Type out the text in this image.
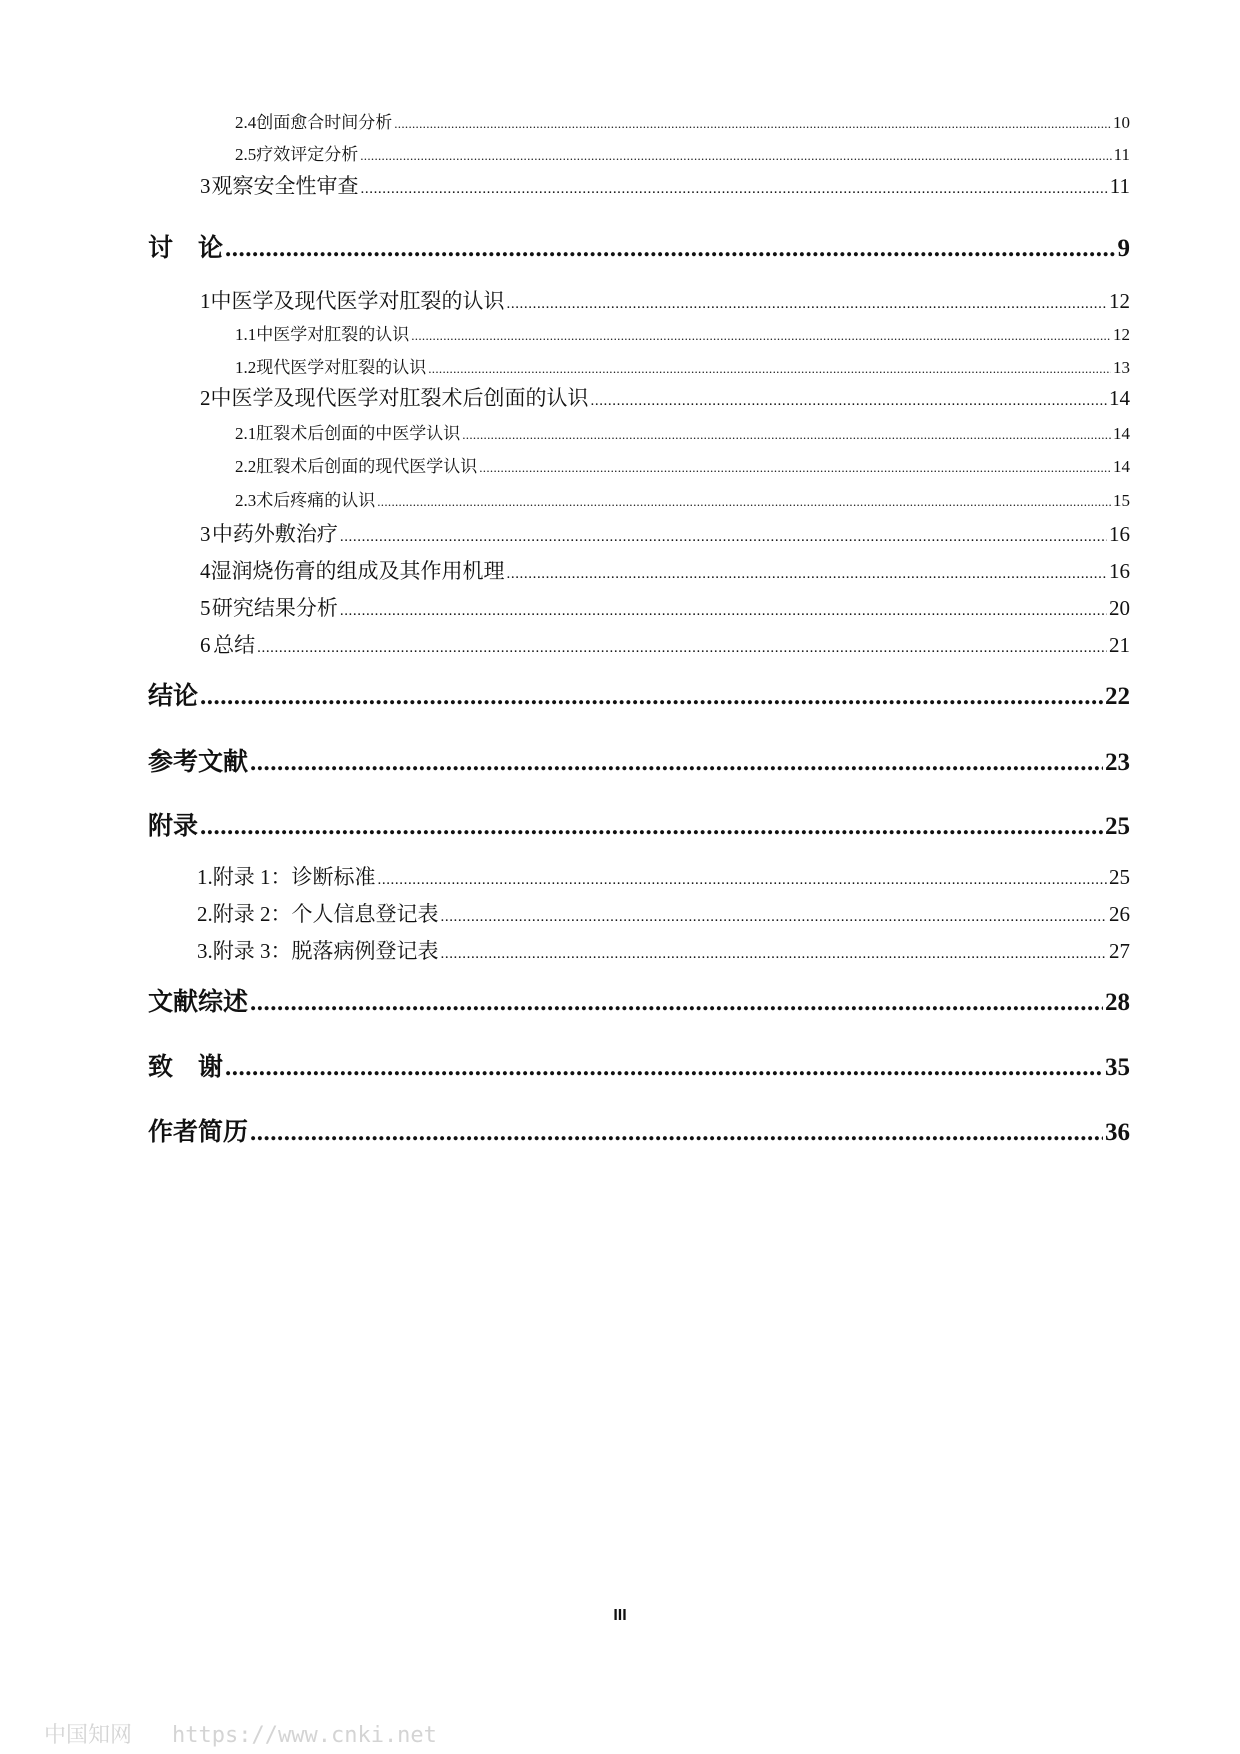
2.4 创面愈合时间分析 .....	10
2.5 疗效评定分析 .....	11
3 观察安全性审查 .....	11
讨　论 .....	9
1 中医学及现代医学对肛裂的认识 .....	12
1.1 中医学对肛裂的认识 .....	12
1.2 现代医学对肛裂的认识 .....	13
2 中医学及现代医学对肛裂术后创面的认识 .....	14
2.1 肛裂术后创面的中医学认识 .....	14
2.2 肛裂术后创面的现代医学认识 .....	14
2.3 术后疼痛的认识 .....	15
3 中药外敷治疗 .....	16
4 湿润烧伤膏的组成及其作用机理 .....	16
5 研究结果分析 .....	20
6 总结 .....	21
结论 .....	22
参考文献 .....	23
附录 .....	25
1.附录 1：诊断标准 .....	25
2.附录 2：个人信息登记表 .....	26
3.附录 3：脱落病例登记表 .....	27
文献综述 .....	28
致　谢 .....	35
作者简历 .....	36
III
中国知网 https://www.cnki.net
